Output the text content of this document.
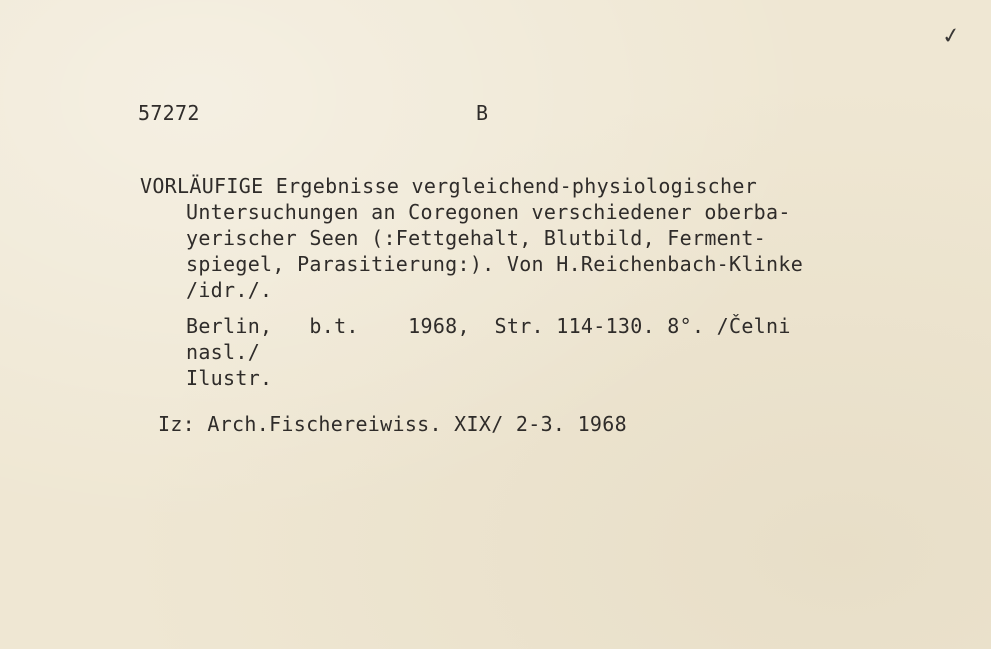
✓
57272	B
VORLÄUFIGE Ergebnisse vergleichend-physiologischer
Untersuchungen an Coregonen verschiedener oberba-
yerischer Seen (:Fettgehalt, Blutbild, Ferment-
spiegel, Parasitierung:). Von H.Reichenbach-Klinke
/idr./.
Berlin,   b.t.    1968,  Str. 114-130. 8°. /Čelni
nasl./
Ilustr.
Iz: Arch.Fischereiwiss. XIX/ 2-3. 1968
